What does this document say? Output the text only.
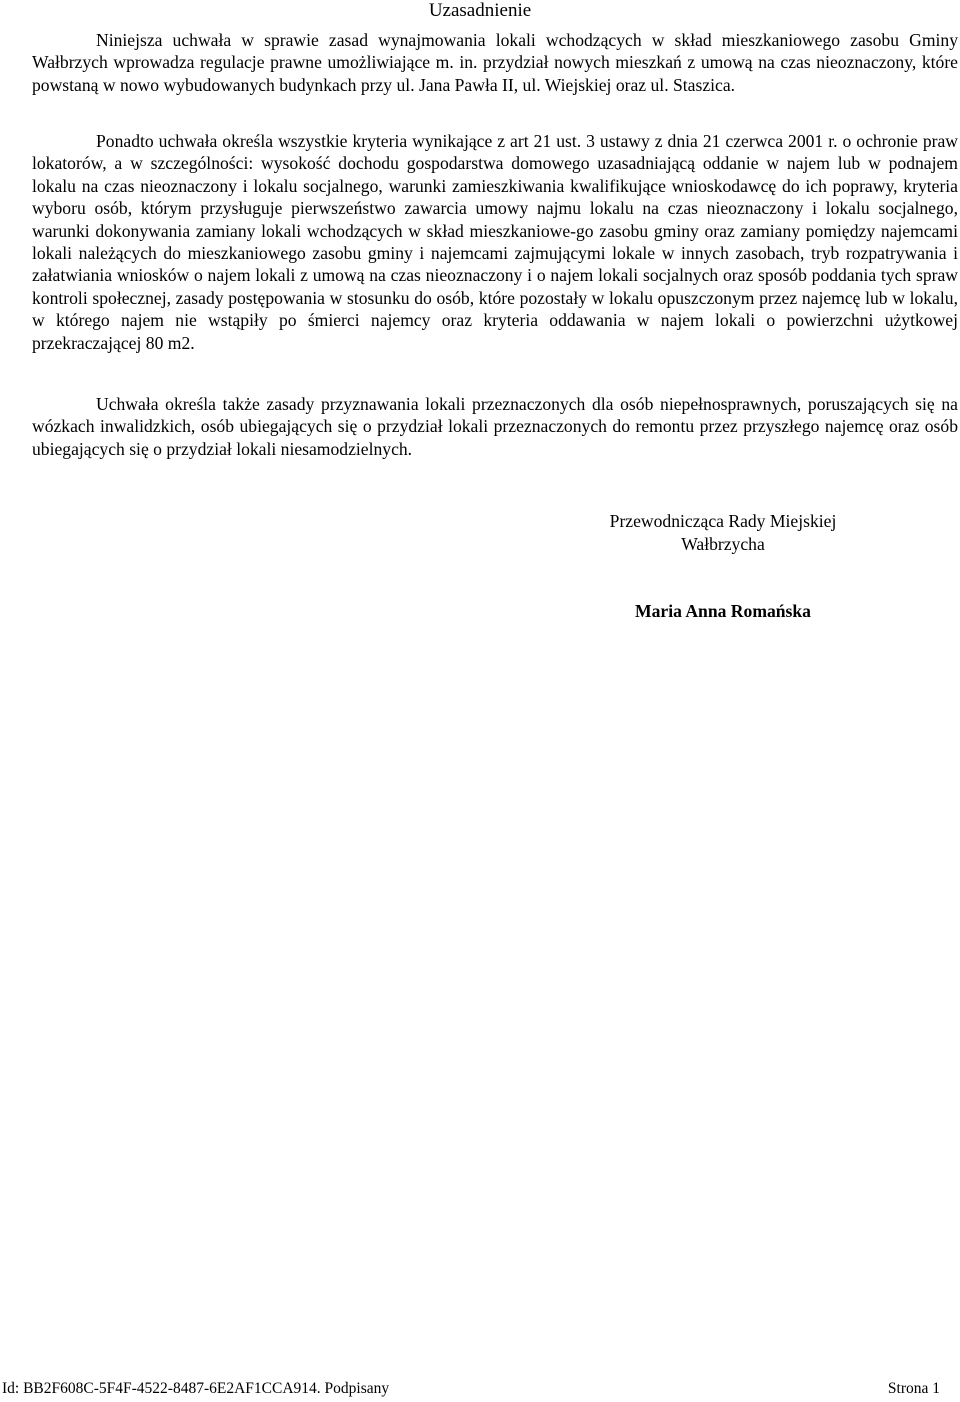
Uzasadnienie

Niniejsza uchwała w sprawie zasad wynajmowania lokali wchodzących w skład mieszkaniowego zasobu Gminy Wałbrzych wprowadza regulacje prawne umożliwiające m. in. przydział nowych mieszkań z umową na czas nieoznaczony, które powstaną w nowo wybudowanych budynkach przy ul. Jana Pawła II, ul. Wiejskiej oraz ul. Staszica.

Ponadto uchwała określa wszystkie kryteria wynikające z art 21 ust. 3 ustawy z dnia 21 czerwca 2001 r. o ochronie praw lokatorów, a w szczególności: wysokość dochodu gospodarstwa domowego uzasadniającą oddanie w najem lub w podnajem lokalu na czas nieoznaczony i lokalu socjalnego, warunki zamieszkiwania kwalifikujące wnioskodawcę do ich poprawy, kryteria wyboru osób, którym przysługuje pierwszeństwo zawarcia umowy najmu lokalu na czas nieoznaczony i lokalu socjalnego, warunki dokonywania zamiany lokali wchodzących w skład mieszkaniowe-go zasobu gminy oraz zamiany pomiędzy najemcami lokali należących do mieszkaniowego zasobu gminy i najemcami zajmującymi lokale w innych zasobach, tryb rozpatrywania i załatwiania wniosków o najem lokali z umową na czas nieoznaczony i o najem lokali socjalnych oraz sposób poddania tych spraw kontroli społecznej, zasady postępowania w stosunku do osób, które pozostały w lokalu opuszczonym przez najemcę lub w lokalu, w którego najem nie wstąpiły po śmierci najemcy oraz kryteria oddawania w najem lokali o powierzchni użytkowej przekraczającej 80 m2.

Uchwała określa także zasady przyznawania lokali przeznaczonych dla osób niepełnosprawnych, poruszających się na wózkach inwalidzkich, osób ubiegających się o przydział lokali przeznaczonych do remontu przez przyszłego najemcę oraz osób ubiegających się o przydział lokali niesamodzielnych.

Przewodnicząca Rady Miejskiej
Wałbrzycha
Maria Anna Romańska
Id: BB2F608C-5F4F-4522-8487-6E2AF1CCA914. Podpisany	Strona 1
